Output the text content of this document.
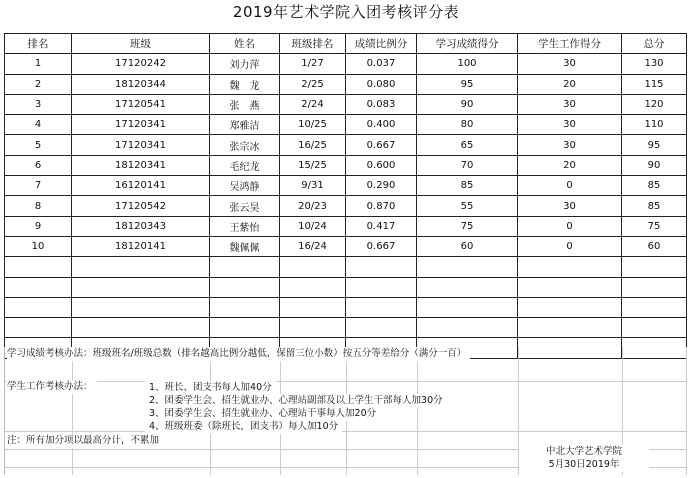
2019年艺术学院入团考核评分表
排名	班级	姓名	班级排名	成绩比例分	学习成绩得分	学生工作得分	总分
1	17120242	刘力萍	1/27	0.037	100	30	130
2	18120344	魏　龙	2/25	0.080	95	20	115
3	17120541	张　燕	2/24	0.083	90	30	120
4	17120341	郑雅洁	10/25	0.400	80	30	110
5	17120341	张宗冰	16/25	0.667	65	30	95
6	18120341	毛纪龙	15/25	0.600	70	20	90
7	16120141	吴鸿静	9/31	0.290	85	0	85
8	17120542	张云昊	20/23	0.870	55	30	85
9	18120343	王紫怡	10/24	0.417	75	0	75
10	18120141	魏佩佩	16/24	0.667	60	0	60

学习成绩考核办法：班级班名/班级总数（排名越高比例分越低，保留三位小数）按五分等差给分（满分一百）
学生工作考核办法：	1、班长、团支书每人加40分
2、团委学生会、招生就业办、心理站副部及以上学生干部每人加30分
3、团委学生会、招生就业办、心理站干事每人加20分
4、班级班委（除班长，团支书）每人加10分
注：所有加分项以最高分计，不累加
中北大学艺术学院
5月30日2019年
